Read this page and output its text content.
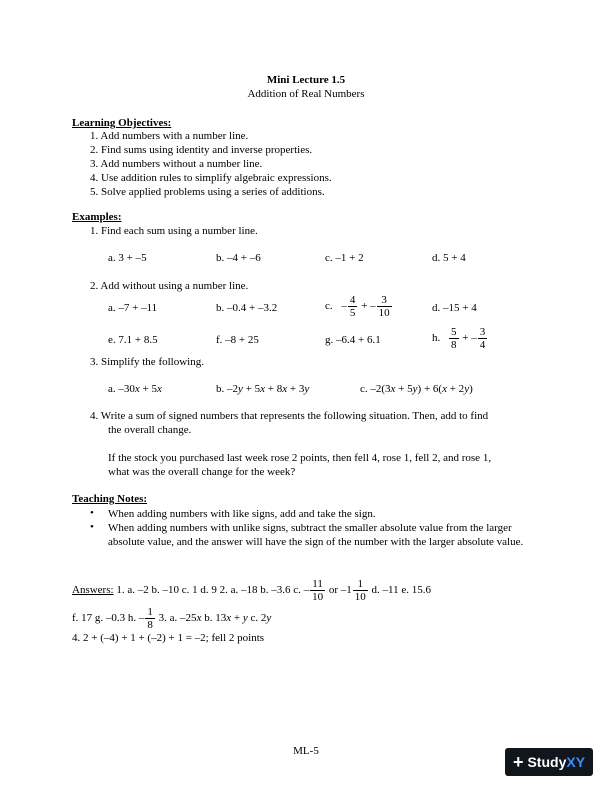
Mini Lecture 1.5
Addition of Real Numbers
Learning Objectives:
1. Add numbers with a number line.
2. Find sums using identity and inverse properties.
3. Add numbers without a number line.
4. Use addition rules to simplify algebraic expressions.
5. Solve applied problems using a series of additions.
Examples:
1. Find each sum using a number line.
a. 3 + –5	b. –4 + –6	c. –1 + 2	d. 5 + 4
2. Add without using a number line.
a. –7 + –11	b. –0.4 + –3.2	c. – $\frac{4}{5}$ + – $\frac{3}{10}$	d. –15 + 4
e. 7.1 + 8.5	f. –8 + 25	g. –6.4 + 6.1	h. $\frac{5}{8}$ + – $\frac{3}{4}$
3. Simplify the following.
a. –30x + 5x	b. –2y + 5x + 8x + 3y	c. –2(3x + 5y) + 6(x + 2y)
4. Write a sum of signed numbers that represents the following situation. Then, add to find
the overall change.
If the stock you purchased last week rose 2 points, then fell 4, rose 1, fell 2, and rose 1,
what was the overall change for the week?
Teaching Notes:
• When adding numbers with like signs, add and take the sign.
• When adding numbers with unlike signs, subtract the smaller absolute value from the larger absolute value, and the answer will have the sign of the number with the larger absolute value.
Answers: 1. a. –2 b. –10 c. 1 d. 9 2. a. –18 b. –3.6 c. – $\frac{11}{10}$ or $-1 \frac{1}{10} d$. –11 e. 15.6
f. 17 g. –0.3 h. – $\frac{1}{8} 3$. a. –25x b. 13x + y c. 2y
4. 2 + (–4) + 1 + (–2) + 1 = –2; fell 2 points
ML-5
+ Study XY
